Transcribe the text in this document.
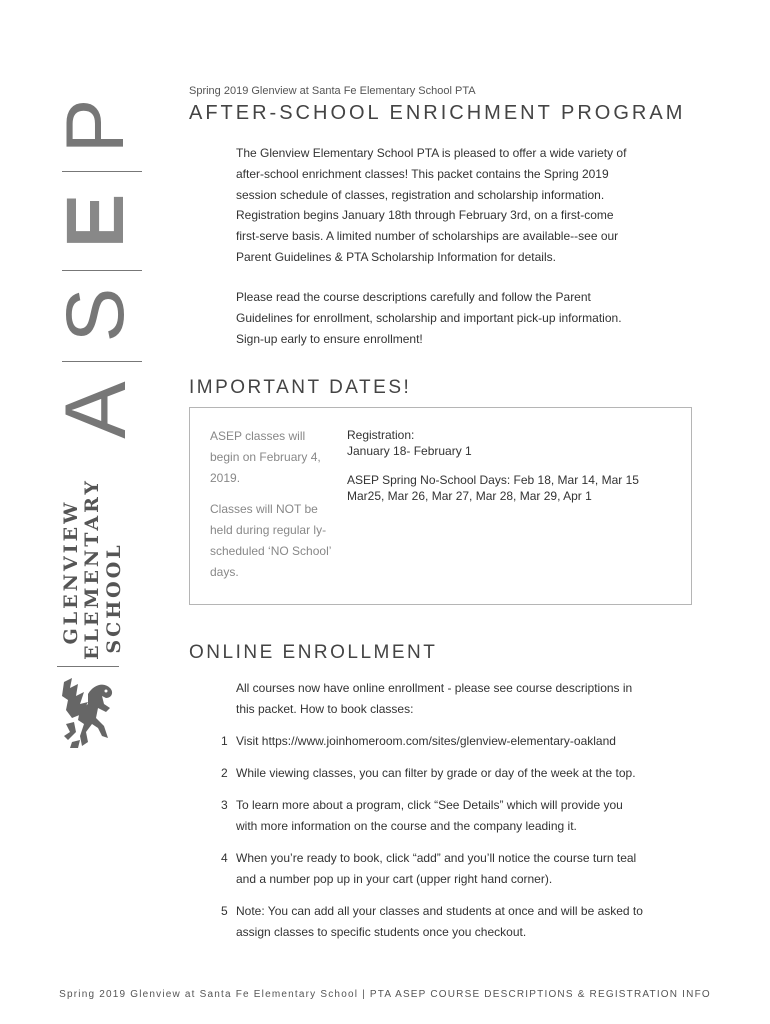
P
E
S
A
GLENVIEW ELEMENTARY SCHOOL
Spring 2019 Glenview at Santa Fe Elementary School PTA
AFTER-SCHOOL ENRICHMENT PROGRAM
The Glenview Elementary School PTA is pleased to offer a wide variety of after-school enrichment classes! This packet contains the Spring 2019 session schedule of classes, registration and scholarship information. Registration begins January 18th through February 3rd, on a first-come first-serve basis. A limited number of scholarships are available--see our Parent Guidelines & PTA Scholarship Information for details.
Please read the course descriptions carefully and follow the Parent Guidelines for enrollment, scholarship and important pick-up information. Sign-up early to ensure enrollment!
IMPORTANT DATES!
ASEP classes will begin on February 4, 2019.
Classes will NOT be held during regular ly-scheduled ‘NO School’ days.
Registration:
January 18- February 1
ASEP Spring No-School Days: Feb 18, Mar 14, Mar 15
Mar25, Mar 26, Mar 27, Mar 28, Mar 29, Apr 1
ONLINE ENROLLMENT
All courses now have online enrollment - please see course descriptions in this packet. How to book classes:
1 Visit https://www.joinhomeroom.com/sites/glenview-elementary-oakland
2 While viewing classes, you can filter by grade or day of the week at the top.
3 To learn more about a program, click “See Details” which will provide you with more information on the course and the company leading it.
4 When you’re ready to book, click “add” and you’ll notice the course turn teal and a number pop up in your cart (upper right hand corner).
5 Note: You can add all your classes and students at once and will be asked to assign classes to specific students once you checkout.
Spring 2019 Glenview at Santa Fe Elementary School | PTA ASEP COURSE DESCRIPTIONS & REGISTRATION INFO
